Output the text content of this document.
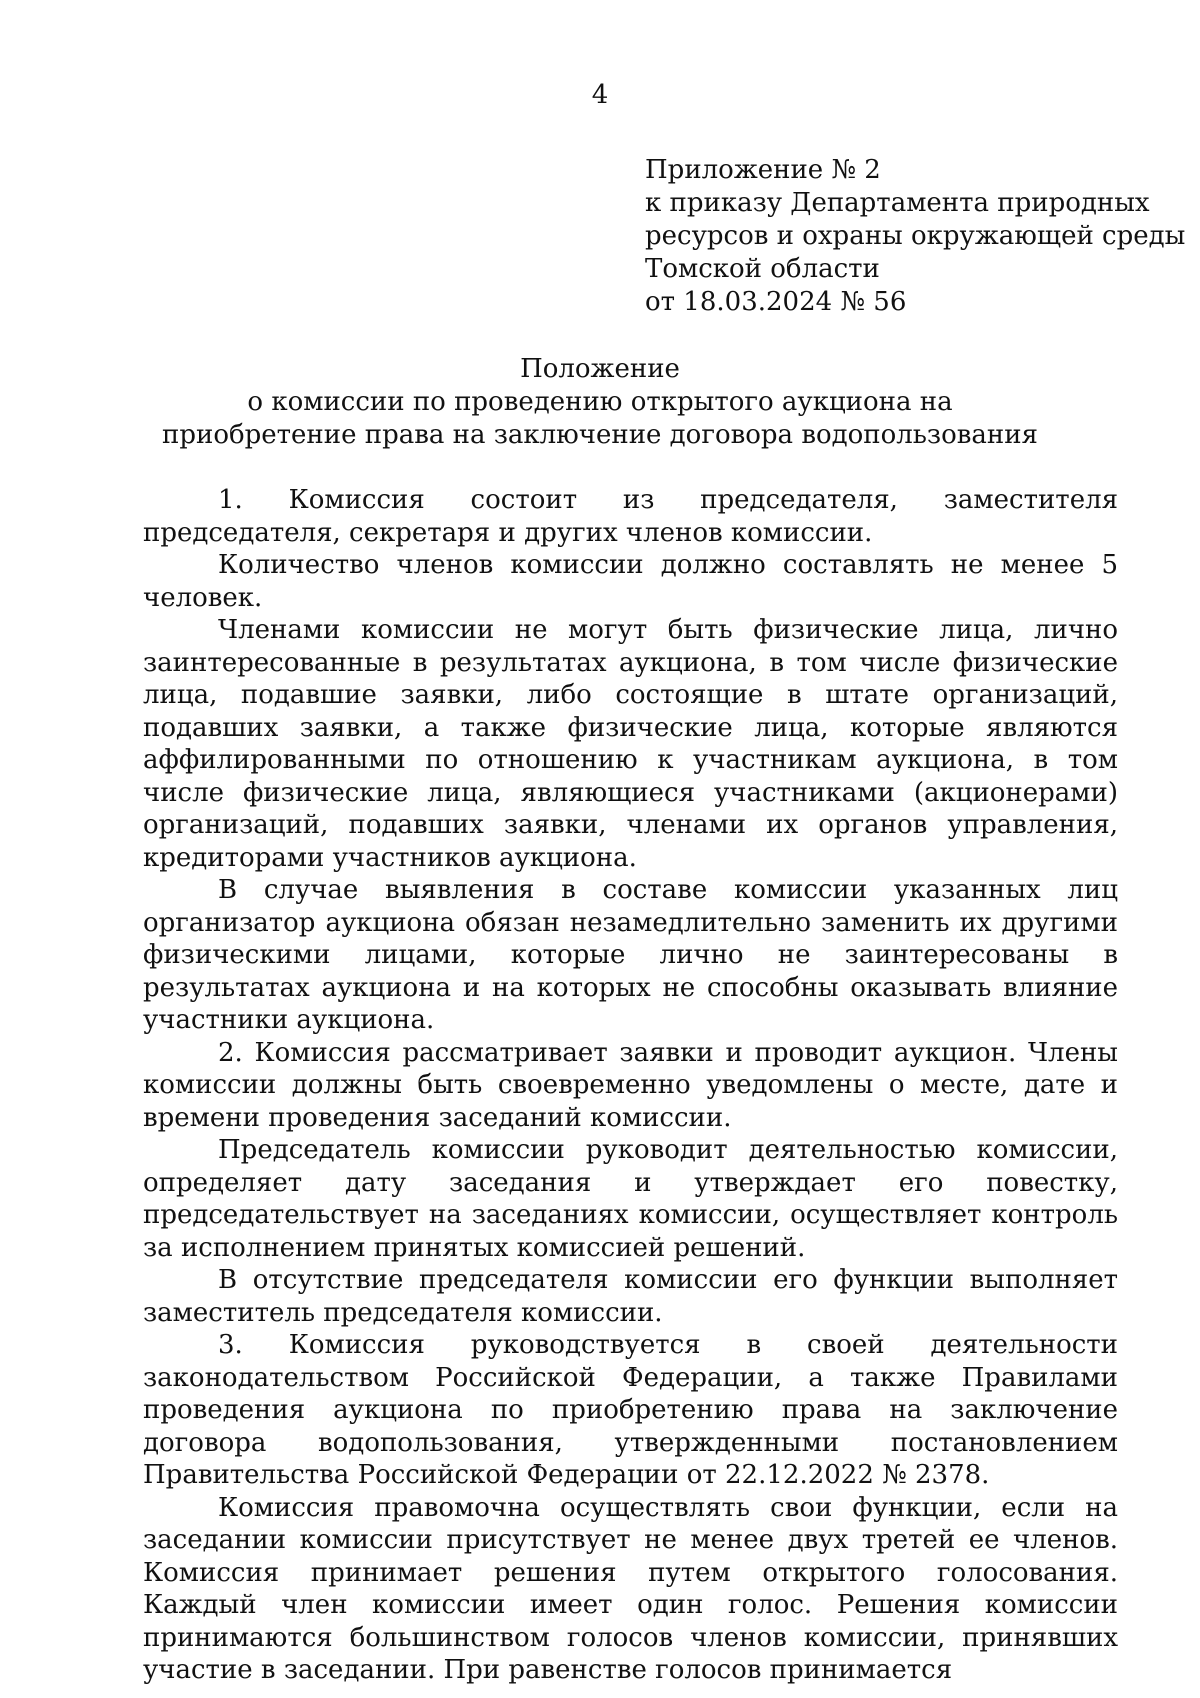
4
Приложение № 2
к приказу Департамента природных
ресурсов и охраны окружающей среды
Томской области
от 18.03.2024 № 56
Положение
о комиссии по проведению открытого аукциона на
приобретение права на заключение договора водопользования

1. Комиссия состоит из председателя, заместителя председателя, секретаря и других членов комиссии.

Количество членов комиссии должно составлять не менее 5 человек.

Членами комиссии не могут быть физические лица, лично заинтересованные в результатах аукциона, в том числе физические лица, подавшие заявки, либо состоящие в штате организаций, подавших заявки, а также физические лица, которые являются аффилированными по отношению к участникам аукциона, в том числе физические лица, являющиеся участниками (акционерами) организаций, подавших заявки, членами их органов управления, кредиторами участников аукциона.

В случае выявления в составе комиссии указанных лиц организатор аукциона обязан незамедлительно заменить их другими физическими лицами, которые лично не заинтересованы в результатах аукциона и на которых не способны оказывать влияние участники аукциона.

2. Комиссия рассматривает заявки и проводит аукцион. Члены комиссии должны быть своевременно уведомлены о месте, дате и времени проведения заседаний комиссии.

Председатель комиссии руководит деятельностью комиссии, определяет дату заседания и утверждает его повестку, председательствует на заседаниях комиссии, осуществляет контроль за исполнением принятых комиссией решений.

В отсутствие председателя комиссии его функции выполняет заместитель председателя комиссии.

3. Комиссия руководствуется в своей деятельности законодательством Российской Федерации, а также Правилами проведения аукциона по приобретению права на заключение договора водопользования, утвержденными постановлением Правительства Российской Федерации от 22.12.2022 № 2378.

Комиссия правомочна осуществлять свои функции, если на заседании комиссии присутствует не менее двух третей ее членов. Комиссия принимает решения путем открытого голосования. Каждый член комиссии имеет один голос. Решения комиссии принимаются большинством голосов членов комиссии, принявших участие в заседании. При равенстве голосов принимается
